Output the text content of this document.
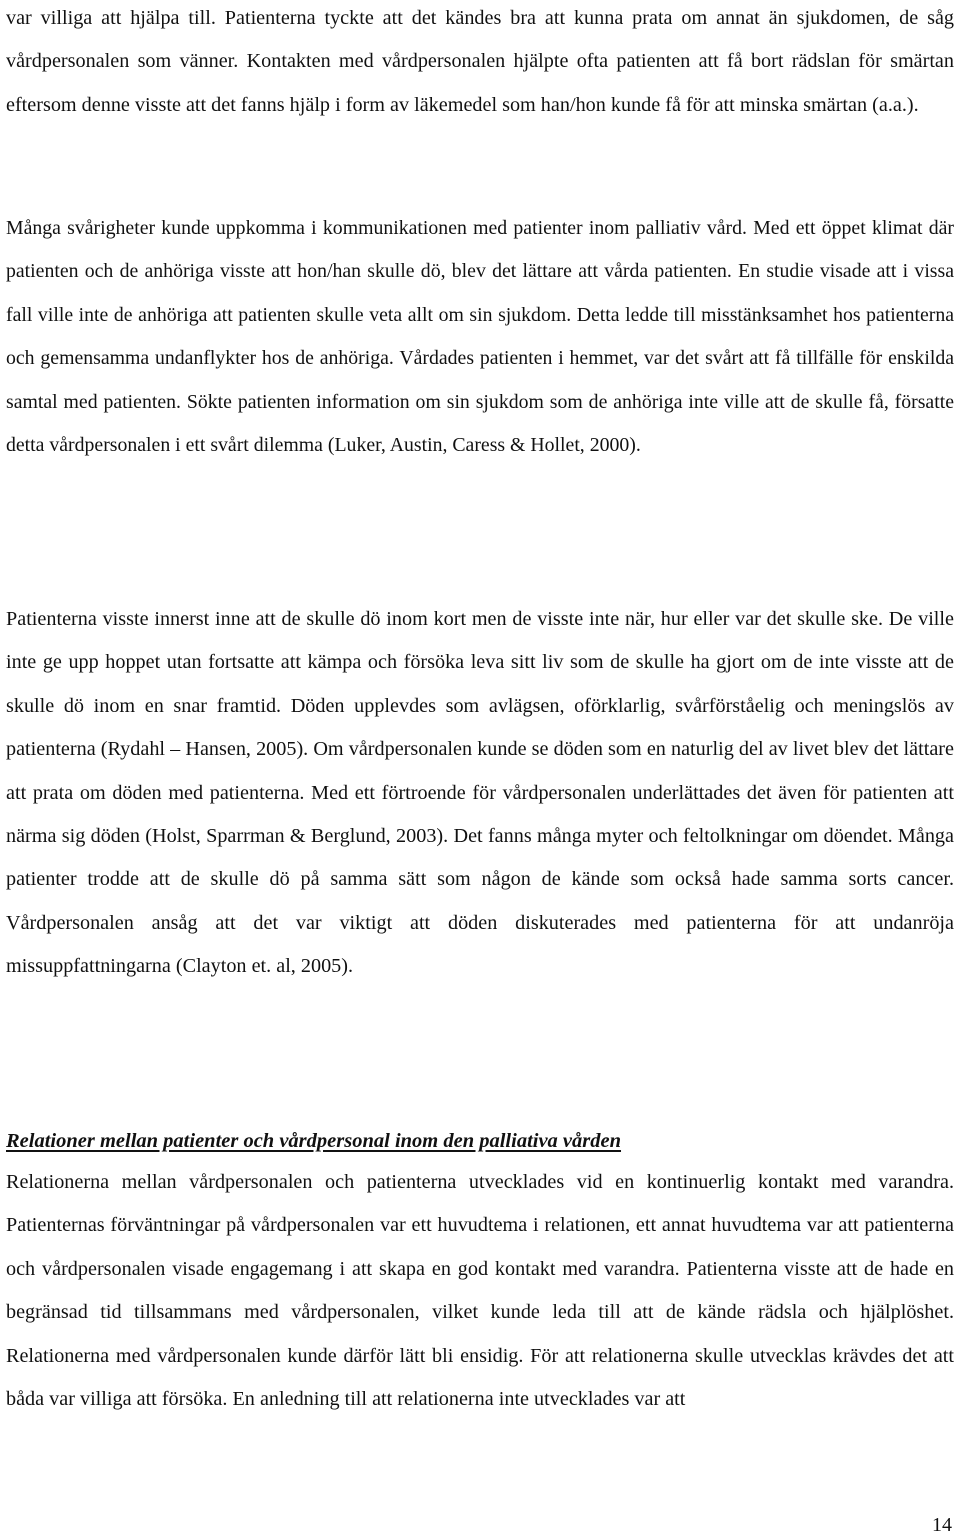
var villiga att hjälpa till. Patienterna tyckte att det kändes bra att kunna prata om annat än sjukdomen, de såg vårdpersonalen som vänner. Kontakten med vårdpersonalen hjälpte ofta patienten att få bort rädslan för smärtan eftersom denne visste att det fanns hjälp i form av läkemedel som han/hon kunde få för att minska smärtan (a.a.).

Många svårigheter kunde uppkomma i kommunikationen med patienter inom palliativ vård. Med ett öppet klimat där patienten och de anhöriga visste att hon/han skulle dö, blev det lättare att vårda patienten. En studie visade att i vissa fall ville inte de anhöriga att patienten skulle veta allt om sin sjukdom. Detta ledde till misstänksamhet hos patienterna och gemensamma undanflykter hos de anhöriga. Vårdades patienten i hemmet, var det svårt att få tillfälle för enskilda samtal med patienten. Sökte patienten information om sin sjukdom som de anhöriga inte ville att de skulle få, försatte detta vårdpersonalen i ett svårt dilemma (Luker, Austin, Caress & Hollet, 2000).

Patienterna visste innerst inne att de skulle dö inom kort men de visste inte när, hur eller var det skulle ske. De ville inte ge upp hoppet utan fortsatte att kämpa och försöka leva sitt liv som de skulle ha gjort om de inte visste att de skulle dö inom en snar framtid. Döden upplevdes som avlägsen, oförklarlig, svårförståelig och meningslös av patienterna (Rydahl – Hansen, 2005). Om vårdpersonalen kunde se döden som en naturlig del av livet blev det lättare att prata om döden med patienterna. Med ett förtroende för vårdpersonalen underlättades det även för patienten att närma sig döden (Holst, Sparrman & Berglund, 2003). Det fanns många myter och feltolkningar om döendet. Många patienter trodde att de skulle dö på samma sätt som någon de kände som också hade samma sorts cancer. Vårdpersonalen ansåg att det var viktigt att döden diskuterades med patienterna för att undanröja missuppfattningarna (Clayton et. al, 2005).

Relationer mellan patienter och vårdpersonal inom den palliativa vården

Relationerna mellan vårdpersonalen och patienterna utvecklades vid en kontinuerlig kontakt med varandra. Patienternas förväntningar på vårdpersonalen var ett huvudtema i relationen, ett annat huvudtema var att patienterna och vårdpersonalen visade engagemang i att skapa en god kontakt med varandra. Patienterna visste att de hade en begränsad tid tillsammans med vårdpersonalen, vilket kunde leda till att de kände rädsla och hjälplöshet. Relationerna med vårdpersonalen kunde därför lätt bli ensidig. För att relationerna skulle utvecklas krävdes det att båda var villiga att försöka. En anledning till att relationerna inte utvecklades var att

14
